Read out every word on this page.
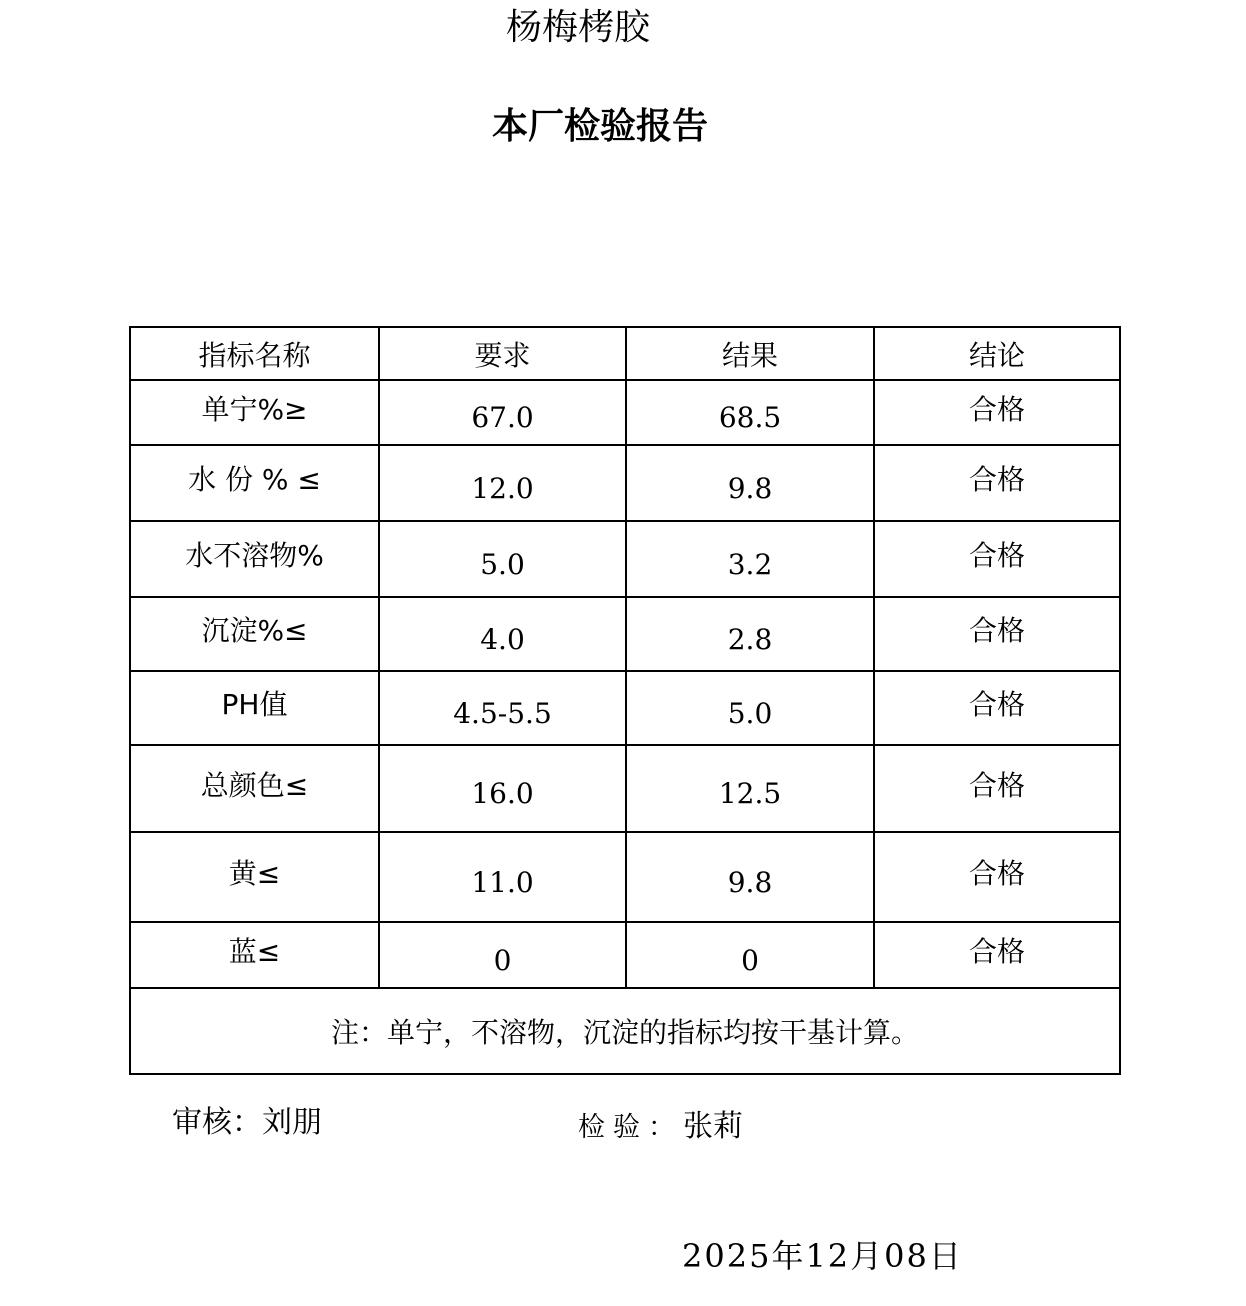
杨梅栲胶
本厂检验报告
指标名称	要求	结果	结论
单宁%≥	67.0	68.5	合格
水 份 % ≤	12.0	9.8	合格
水不溶物%	5.0	3.2	合格
沉淀%≤	4.0	2.8	合格
PH值	4.5-5.5	5.0	合格
总颜色≤	16.0	12.5	合格
黄≤	11.0	9.8	合格
蓝≤	0	0	合格
注：单宁，不溶物，沉淀的指标均按干基计算。			
审核：刘朋	检验：张莉
2025年12月08日
